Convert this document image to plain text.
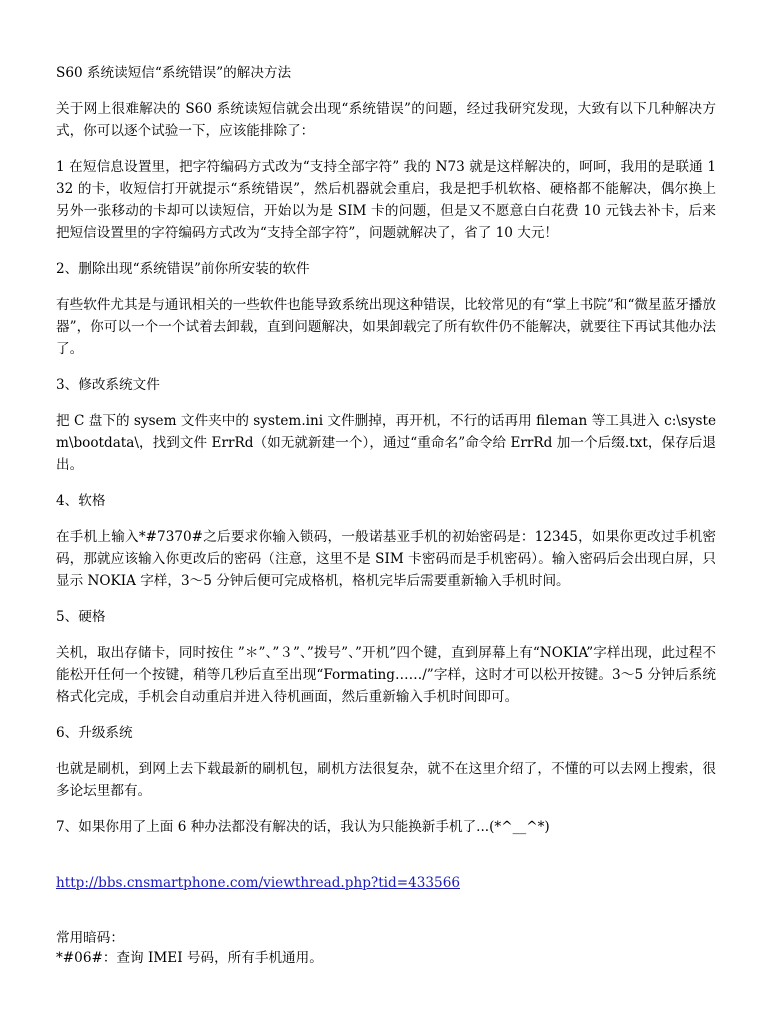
S60 系统读短信“系统错误”的解决方法

关于网上很难解决的 S60 系统读短信就会出现“系统错误”的问题，经过我研究发现，大致有以下几种解决方式，你可以逐个试验一下，应该能排除了：

1 在短信息设置里，把字符编码方式改为“支持全部字符” 我的 N73 就是这样解决的，呵呵，我用的是联通 132 的卡，收短信打开就提示“系统错误”，然后机器就会重启，我是把手机软格、硬格都不能解决，偶尔换上另外一张移动的卡却可以读短信，开始以为是 SIM 卡的问题，但是又不愿意白白花费 10 元钱去补卡，后来把短信设置里的字符编码方式改为“支持全部字符”，问题就解决了，省了 10 大元！

2、删除出现“系统错误”前你所安装的软件

有些软件尤其是与通讯相关的一些软件也能导致系统出现这种错误，比较常见的有“掌上书院”和“微星蓝牙播放器”，你可以一个一个试着去卸载，直到问题解决，如果卸载完了所有软件仍不能解决，就要往下再试其他办法了。

3、修改系统文件

把 C 盘下的 sysem 文件夹中的 system.ini 文件删掉，再开机，不行的话再用 fileman 等工具进入 c:\system\bootdata\，找到文件 ErrRd（如无就新建一个），通过“重命名”命令给 ErrRd 加一个后缀.txt，保存后退出。

4、软格

在手机上输入*#7370#之后要求你输入锁码，一般诺基亚手机的初始密码是：12345，如果你更改过手机密码，那就应该输入你更改后的密码（注意，这里不是 SIM 卡密码而是手机密码）。输入密码后会出现白屏，只显示 NOKIA 字样，3～5 分钟后便可完成格机，格机完毕后需要重新输入手机时间。

5、硬格

关机，取出存储卡，同时按住 ”＊”、”３”、”拨号”、”开机”四个键，直到屏幕上有“NOKIA”字样出现，此过程不能松开任何一个按键，稍等几秒后直至出现“Formating……/”字样，这时才可以松开按键。3～5 分钟后系统格式化完成，手机会自动重启并进入待机画面，然后重新输入手机时间即可。

6、升级系统

也就是刷机，到网上去下载最新的刷机包，刷机方法很复杂，就不在这里介绍了，不懂的可以去网上搜索，很多论坛里都有。

7、如果你用了上面 6 种办法都没有解决的话，我认为只能换新手机了...(*^__^*)

http://bbs.cnsmartphone.com/viewthread.php?tid=433566

常用暗码：

*#06#：查询 IMEI 号码，所有手机通用。
